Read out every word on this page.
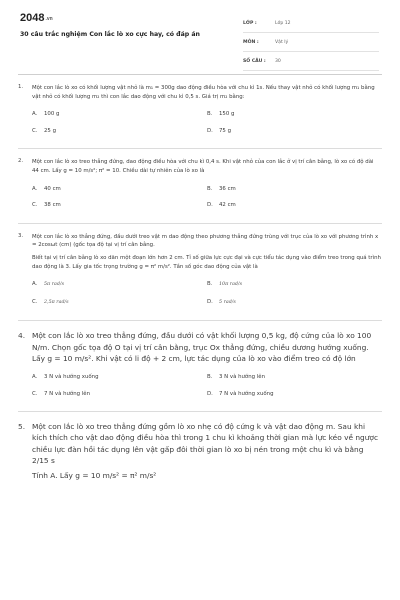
2048.vn
30 câu trắc nghiệm Con lắc lò xo cực hay, có đáp án
LỚP :	Lớp 12
MÔN :	Vật lý
SỐ CÂU :	30
1. Một con lắc lò xo có khối lượng vật nhỏ là m₁ = 300g dao động điều hòa với chu kì 1s. Nếu thay vật nhỏ có khối lượng m₁ bằng vật nhỏ có khối lượng m₂ thì con lắc dao động với chu kì 0,5 s. Giá trị m₂ bằng:

A. 100 g	B. 150 g
C. 25 g	D. 75 g
2. Một con lắc lò xo treo thẳng đứng, dao động điều hòa với chu kì 0,4 s. Khi vật nhỏ của con lắc ở vị trí cân bằng, lò xo có độ dài 44 cm. Lấy g = 10 m/s²; π² = 10. Chiều dài tự nhiên của lò xo là

A. 40 cm	B. 36 cm
C. 38 cm	D. 42 cm
3. Một con lắc lò xo thẳng đứng, đầu dưới treo vật m dao động theo phương thẳng đứng trùng với trục của lò xo với phương trình x = 2cosωt (cm) (gốc tọa độ tại vị trí cân bằng.

Biết tại vị trí cân bằng lò xo dãn một đoạn lớn hơn 2 cm. Tỉ số giữa lực cực đại và cực tiểu tác dụng vào điểm treo trong quá trình dao động là 3. Lấy gia tốc trọng trường g = π² m/s². Tần số góc dao động của vật là

A. 5π rad/s	B. 10π rad/s
C. 2,5π rad/s	D. 5 rad/s
4. Một con lắc lò xo treo thẳng đứng, đầu dưới có vật khối lượng 0,5 kg, độ cứng của lò xo 100 N/m. Chọn gốc tọa độ O tại vị trí cân bằng, trục Ox thẳng đứng, chiều dương hướng xuống. Lấy g = 10 m/s². Khi vật có li độ + 2 cm, lực tác dụng của lò xo vào điểm treo có độ lớn

A. 3 N và hướng xuống	B. 3 N và hướng lên
C. 7 N và hướng lên	D. 7 N và hướng xuống
5. Một con lắc lò xo treo thẳng đứng gồm lò xo nhẹ có độ cứng k và vật dao động m. Sau khi kích thích cho vật dao động điều hòa thì trong 1 chu kì khoảng thời gian mà lực kéo về ngược chiều lực đàn hồi tác dụng lên vật gấp đôi thời gian lò xo bị nén trong một chu kì và bằng 2/15 s

Tính A. Lấy g = 10 m/s² = π² m/s²
